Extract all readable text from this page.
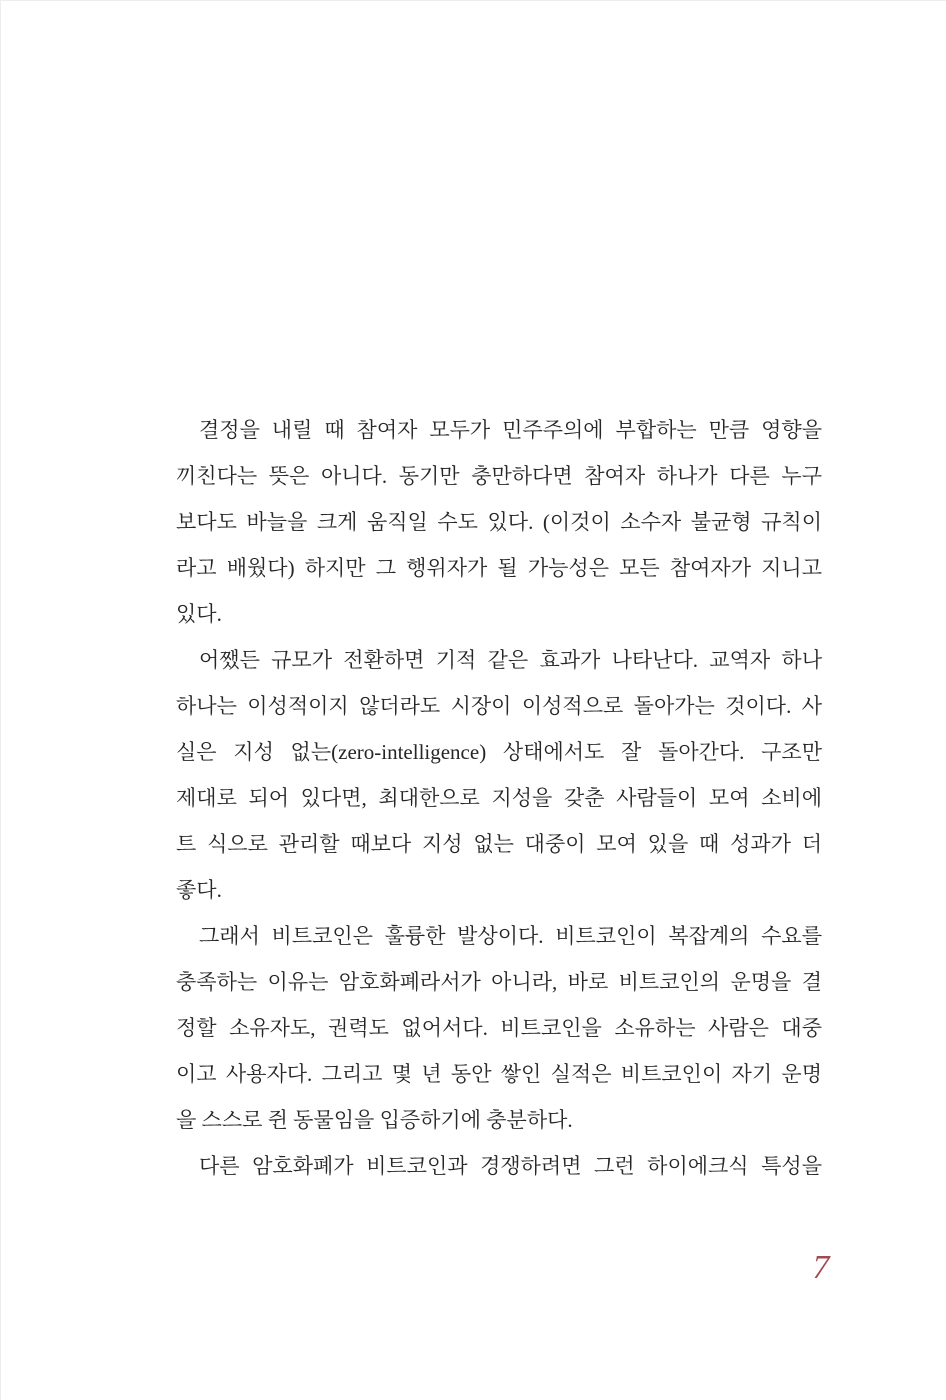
결정을 내릴 때 참여자 모두가 민주주의에 부합하는 만큼 영향을
끼친다는 뜻은 아니다. 동기만 충만하다면 참여자 하나가 다른 누구
보다도 바늘을 크게 움직일 수도 있다. (이것이 소수자 불균형 규칙이
라고 배웠다) 하지만 그 행위자가 될 가능성은 모든 참여자가 지니고
있다.

어쨌든 규모가 전환하면 기적 같은 효과가 나타난다. 교역자 하나
하나는 이성적이지 않더라도 시장이 이성적으로 돌아가는 것이다. 사
실은 지성 없는(zero-intelligence) 상태에서도 잘 돌아간다. 구조만
제대로 되어 있다면, 최대한으로 지성을 갖춘 사람들이 모여 소비에
트 식으로 관리할 때보다 지성 없는 대중이 모여 있을 때 성과가 더
좋다.

그래서 비트코인은 훌륭한 발상이다. 비트코인이 복잡계의 수요를
충족하는 이유는 암호화폐라서가 아니라, 바로 비트코인의 운명을 결
정할 소유자도, 권력도 없어서다. 비트코인을 소유하는 사람은 대중
이고 사용자다. 그리고 몇 년 동안 쌓인 실적은 비트코인이 자기 운명
을 스스로 쥔 동물임을 입증하기에 충분하다.

다른 암호화폐가 비트코인과 경쟁하려면 그런 하이에크식 특성을

7
